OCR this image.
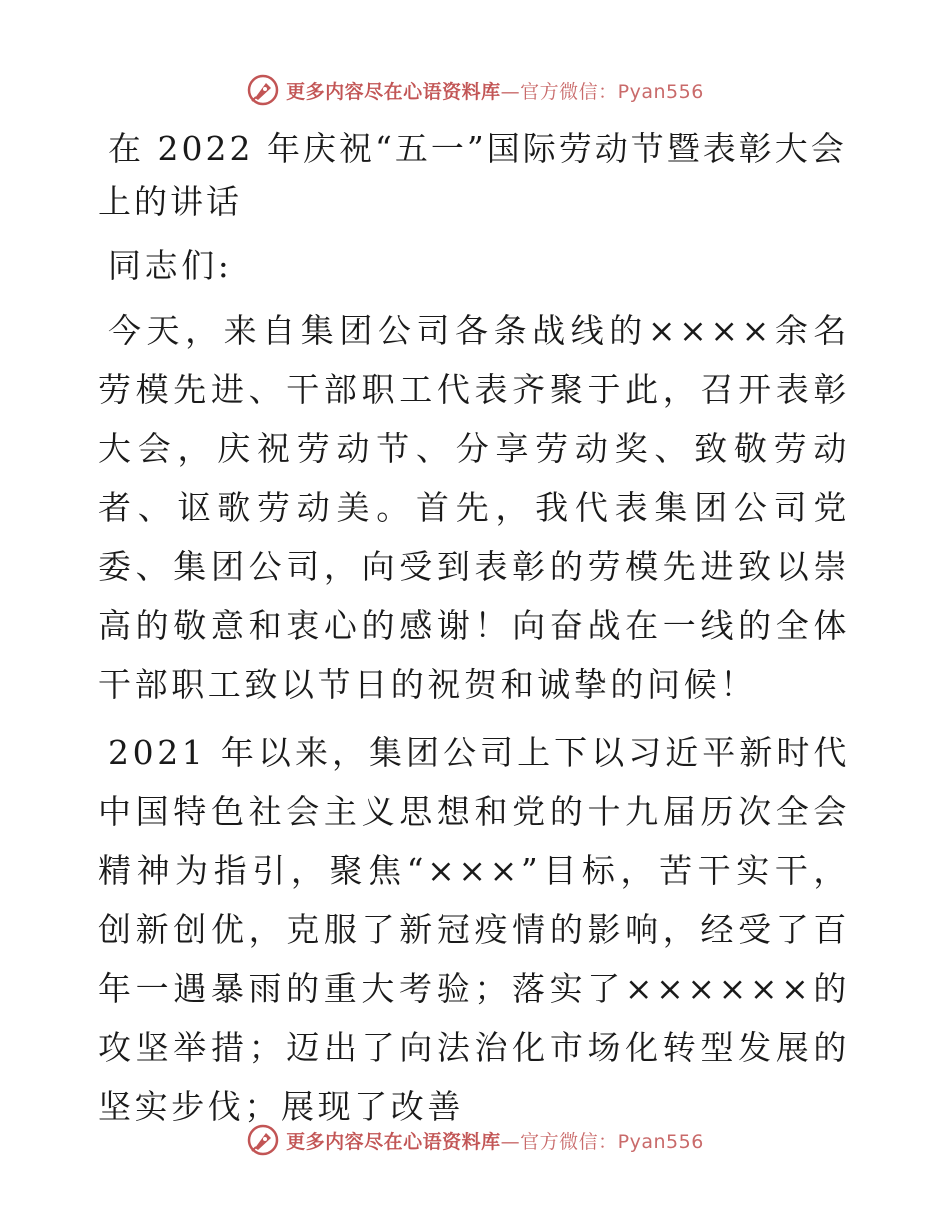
更多内容尽在心语资料库—官方微信：Pyan556
在 2022 年庆祝“五一”国际劳动节暨表彰大会上的讲话

同志们:

今天，来自集团公司各条战线的××××余名劳模先进、干部职工代表齐聚于此，召开表彰大会，庆祝劳动节、分享劳动奖、致敬劳动者、讴歌劳动美。首先，我代表集团公司党委、集团公司，向受到表彰的劳模先进致以崇高的敬意和衷心的感谢！向奋战在一线的全体干部职工致以节日的祝贺和诚挚的问候！

2021 年以来，集团公司上下以习近平新时代中国特色社会主义思想和党的十九届历次全会精神为指引，聚焦“×××”目标，苦干实干，创新创优，克服了新冠疫情的影响，经受了百年一遇暴雨的重大考验；落实了××××××的攻坚举措；迈出了向法治化市场化转型发展的坚实步伐；展现了改善

更多内容尽在心语资料库—官方微信：Pyan556
